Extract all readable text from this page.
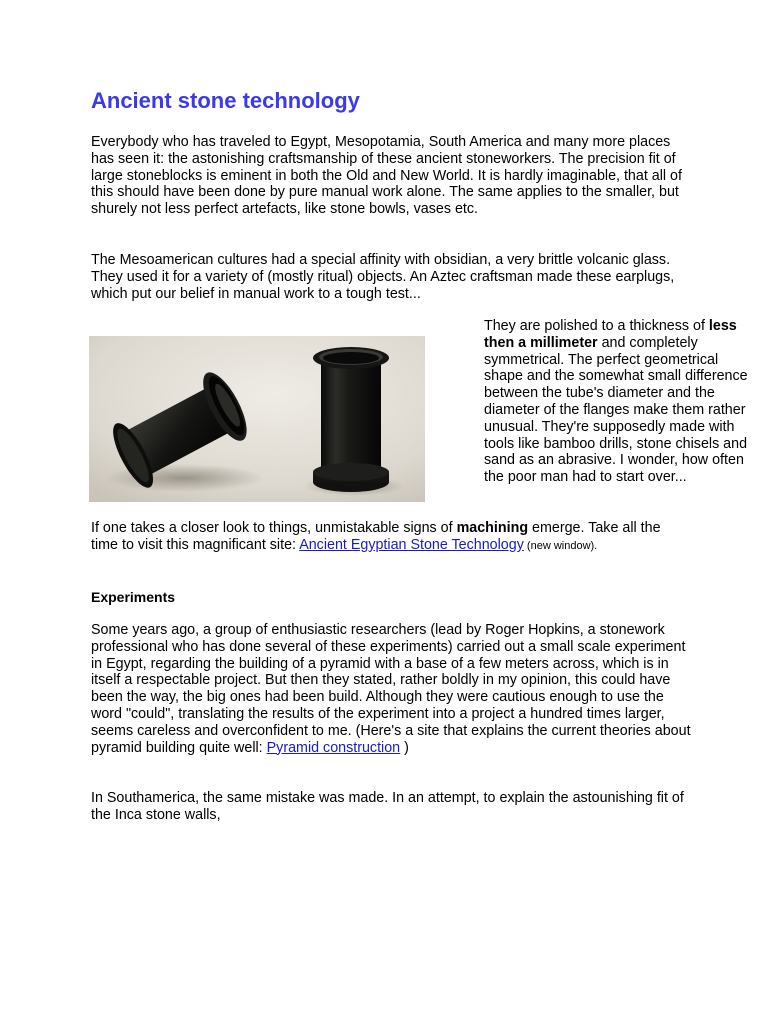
Ancient stone technology

Everybody who has traveled to Egypt, Mesopotamia, South America and many more places has seen it: the astonishing craftsmanship of these ancient stoneworkers. The precision fit of large stoneblocks is eminent in both the Old and New World. It is hardly imaginable, that all of this should have been done by pure manual work alone. The same applies to the smaller, but shurely not less perfect artefacts, like stone bowls, vases etc.

The Mesoamerican cultures had a special affinity with obsidian, a very brittle volcanic glass. They used it for a variety of (mostly ritual) objects. An Aztec craftsman made these earplugs, which put our belief in manual work to a tough test...

They are polished to a thickness of less then a millimeter and completely symmetrical. The perfect geometrical shape and the somewhat small difference between the tube's diameter and the diameter of the flanges make them rather unusual. They're supposedly made with tools like bamboo drills, stone chisels and sand as an abrasive. I wonder, how often the poor man had to start over...

If one takes a closer look to things, unmistakable signs of machining emerge. Take all the time to visit this magnificant site: Ancient Egyptian Stone Technology (new window).

Experiments

Some years ago, a group of enthusiastic researchers (lead by Roger Hopkins, a stonework professional who has done several of these experiments) carried out a small scale experiment in Egypt, regarding the building of a pyramid with a base of a few meters across, which is in itself a respectable project. But then they stated, rather boldly in my opinion, this could have been the way, the big ones had been build. Although they were cautious enough to use the word "could", translating the results of the experiment into a project a hundred times larger, seems careless and overconfident to me. (Here's a site that explains the current theories about pyramid building quite well: Pyramid construction )

In Southamerica, the same mistake was made. In an attempt, to explain the astounishing fit of the Inca stone walls,
